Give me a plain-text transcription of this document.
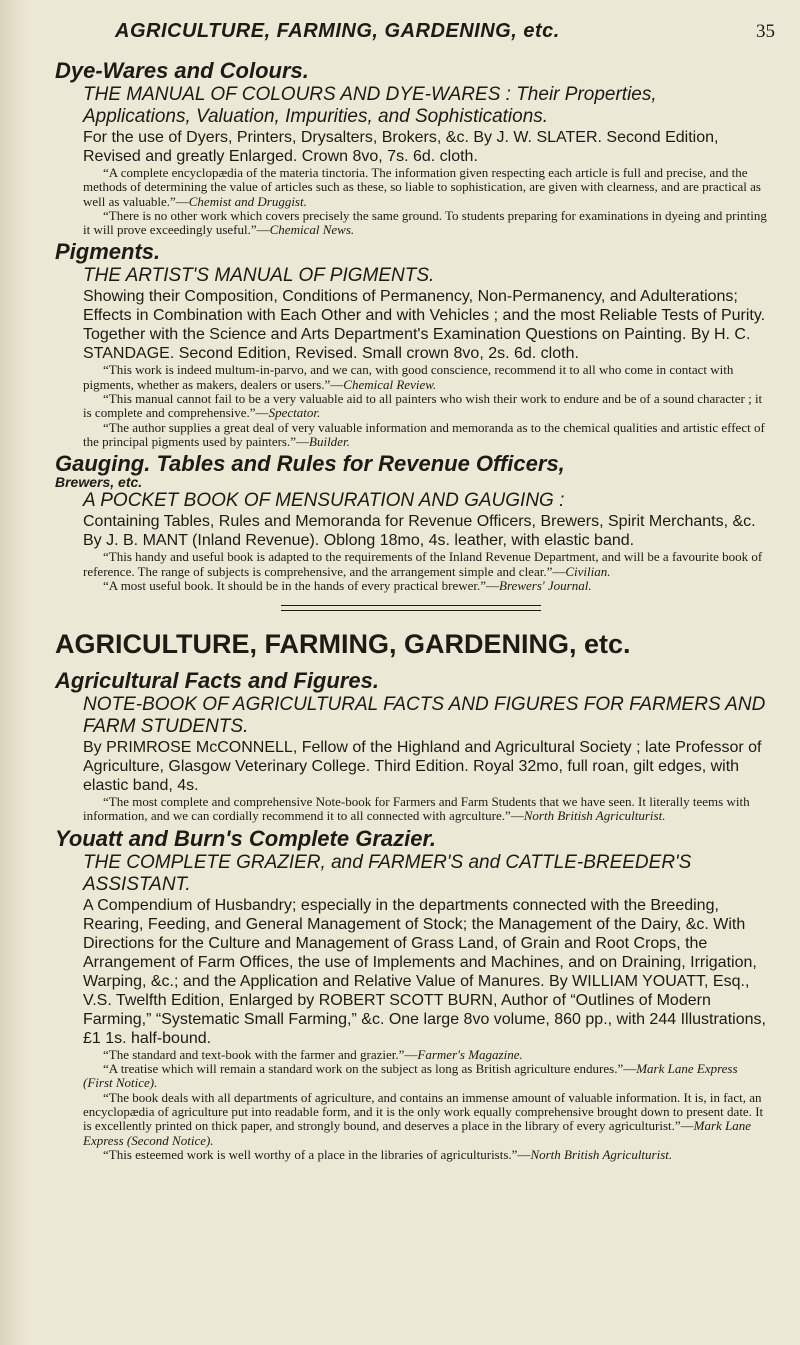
AGRICULTURE, FARMING, GARDENING, etc.	35
Dye-Wares and Colours.
THE MANUAL OF COLOURS AND DYE-WARES : Their Properties, Applications, Valuation, Impurities, and Sophistications.
For the use of Dyers, Printers, Drysalters, Brokers, &c. By J. W. SLATER. Second Edition, Revised and greatly Enlarged. Crown 8vo, 7s. 6d. cloth.
“A complete encyclopædia of the materia tinctoria. The information given respecting each article is full and precise, and the methods of determining the value of articles such as these, so liable to sophistication, are given with clearness, and are practical as well as valuable.”—Chemist and Druggist.
“There is no other work which covers precisely the same ground. To students preparing for examinations in dyeing and printing it will prove exceedingly useful.”—Chemical News.
Pigments.
THE ARTIST'S MANUAL OF PIGMENTS.
Showing their Composition, Conditions of Permanency, Non-Permanency, and Adulterations; Effects in Combination with Each Other and with Vehicles ; and the most Reliable Tests of Purity. Together with the Science and Arts Department's Examination Questions on Painting. By H. C. STANDAGE. Second Edition, Revised. Small crown 8vo, 2s. 6d. cloth.
“This work is indeed multum-in-parvo, and we can, with good conscience, recommend it to all who come in contact with pigments, whether as makers, dealers or users.”—Chemical Review.
“This manual cannot fail to be a very valuable aid to all painters who wish their work to endure and be of a sound character ; it is complete and comprehensive.”—Spectator.
“The author supplies a great deal of very valuable information and memoranda as to the chemical qualities and artistic effect of the principal pigments used by painters.”—Builder.
Gauging. Tables and Rules for Revenue Officers,
Brewers, etc.
A POCKET BOOK OF MENSURATION AND GAUGING :
Containing Tables, Rules and Memoranda for Revenue Officers, Brewers, Spirit Merchants, &c. By J. B. MANT (Inland Revenue). Oblong 18mo, 4s. leather, with elastic band.
“This handy and useful book is adapted to the requirements of the Inland Revenue Department, and will be a favourite book of reference. The range of subjects is comprehensive, and the arrangement simple and clear.”—Civilian.
“A most useful book. It should be in the hands of every practical brewer.”—Brewers' Journal.
AGRICULTURE, FARMING, GARDENING, etc.
Agricultural Facts and Figures.
NOTE-BOOK OF AGRICULTURAL FACTS AND FIGURES FOR FARMERS AND FARM STUDENTS.
By PRIMROSE McCONNELL, Fellow of the Highland and Agricultural Society ; late Professor of Agriculture, Glasgow Veterinary College. Third Edition. Royal 32mo, full roan, gilt edges, with elastic band, 4s.
“The most complete and comprehensive Note-book for Farmers and Farm Students that we have seen. It literally teems with information, and we can cordially recommend it to all connected with agrculture.”—North British Agriculturist.
Youatt and Burn's Complete Grazier.
THE COMPLETE GRAZIER, and FARMER'S and CATTLE-BREEDER'S ASSISTANT.
A Compendium of Husbandry; especially in the departments connected with the Breeding, Rearing, Feeding, and General Management of Stock; the Management of the Dairy, &c. With Directions for the Culture and Management of Grass Land, of Grain and Root Crops, the Arrangement of Farm Offices, the use of Implements and Machines, and on Draining, Irrigation, Warping, &c.; and the Application and Relative Value of Manures. By WILLIAM YOUATT, Esq., V.S. Twelfth Edition, Enlarged by ROBERT SCOTT BURN, Author of “Outlines of Modern Farming,” “Systematic Small Farming,” &c. One large 8vo volume, 860 pp., with 244 Illustrations, £1 1s. half-bound.
“The standard and text-book with the farmer and grazier.”—Farmer's Magazine.
“A treatise which will remain a standard work on the subject as long as British agriculture endures.”—Mark Lane Express (First Notice).
“The book deals with all departments of agriculture, and contains an immense amount of valuable information. It is, in fact, an encyclopædia of agriculture put into readable form, and it is the only work equally comprehensive brought down to present date. It is excellently printed on thick paper, and strongly bound, and deserves a place in the library of every agriculturist.”—Mark Lane Express (Second Notice).
“This esteemed work is well worthy of a place in the libraries of agriculturists.”—North British Agriculturist.
